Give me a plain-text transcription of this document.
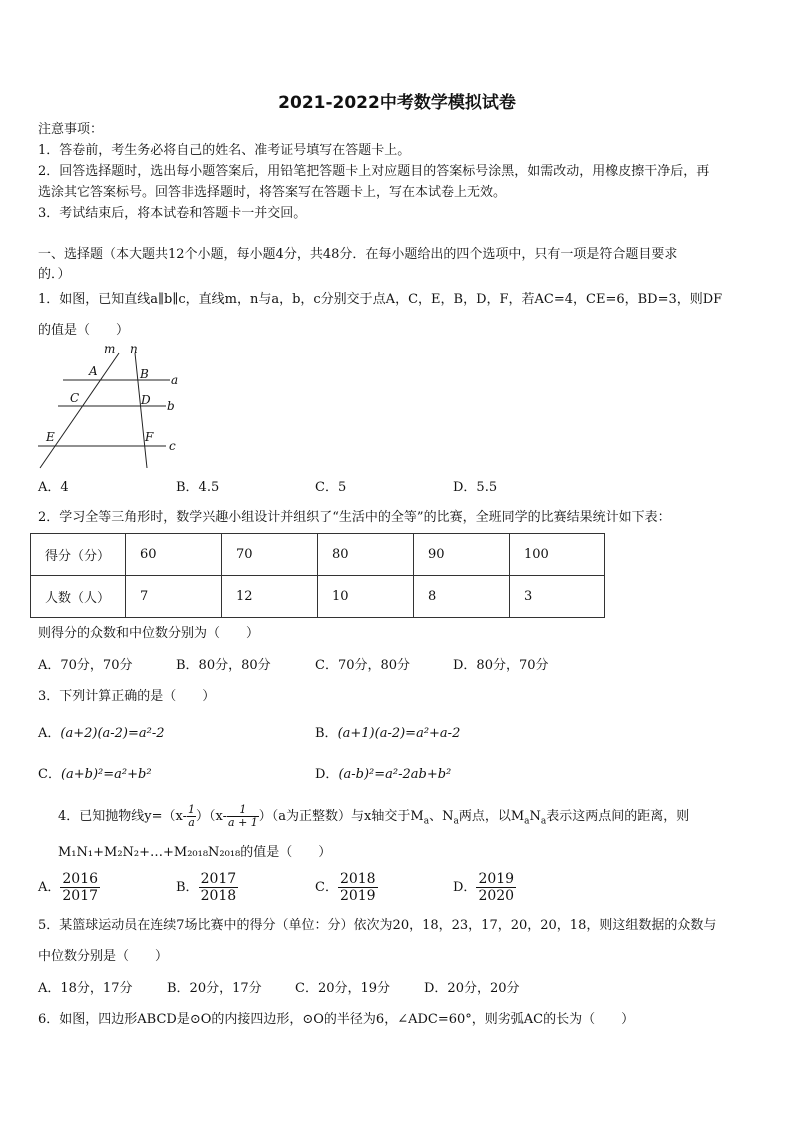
2021-2022中考数学模拟试卷
注意事项：
1．答卷前，考生务必将自己的姓名、准考证号填写在答题卡上。
2．回答选择题时，选出每小题答案后，用铅笔把答题卡上对应题目的答案标号涂黑，如需改动，用橡皮擦干净后，再
选涂其它答案标号。回答非选择题时，将答案写在答题卡上，写在本试卷上无效。
3．考试结束后，将本试卷和答题卡一并交回。
一、选择题（本大题共12个小题，每小题4分，共48分．在每小题给出的四个选项中，只有一项是符合题目要求
的．）
1．如图，已知直线a∥b∥c，直线m，n与a，b，c分别交于点A，C，E，B，D，F，若AC=4，CE=6，BD=3，则DF
的值是（　　）
m n
A	B
C	D
E	F
a
b
c
A．4	B．4.5	C．5	D．5.5
2．学习全等三角形时，数学兴趣小组设计并组织了“生活中的全等”的比赛，全班同学的比赛结果统计如下表：
得分（分）	60	70	80	90	100
人数（人）	7	12	10	8	3
则得分的众数和中位数分别为（　　）
A．70分，70分	B．80分，80分	C．70分，80分	D．80分，70分
3．下列计算正确的是（　　）
A．(a+2)(a-2)=a²-2	B．(a+1)(a-2)=a²+a-2
C．(a+b)²=a²+b²	D．(a-b)²=a²-2ab+b²
4．已知抛物线$y=(x- \frac{1}{a} )(x- \frac{1}{a + 1} )(a$为正整数）与x轴交于$M_a$、$N_a$两点，以$M_aN_a$表示这两点间的距离，则
M₁N₁+M₂N₂+…+M₂₀₁₈N₂₀₁₈的值是（　　）
A． $\frac{2016}{2017}$	B． $\frac{2017}{2018}$	C． $\frac{2018}{2019}$	D． $\frac{2019}{2020}$
5．某篮球运动员在连续7场比赛中的得分（单位：分）依次为20，18，23，17，20，20，18，则这组数据的众数与
中位数分别是（　　）
A．18分，17分	B．20分，17分	C．20分，19分	D．20分，20分
6．如图，四边形ABCD是⊙O的内接四边形，⊙O的半径为6，∠ADC=60°，则劣弧AC的长为（　　）
